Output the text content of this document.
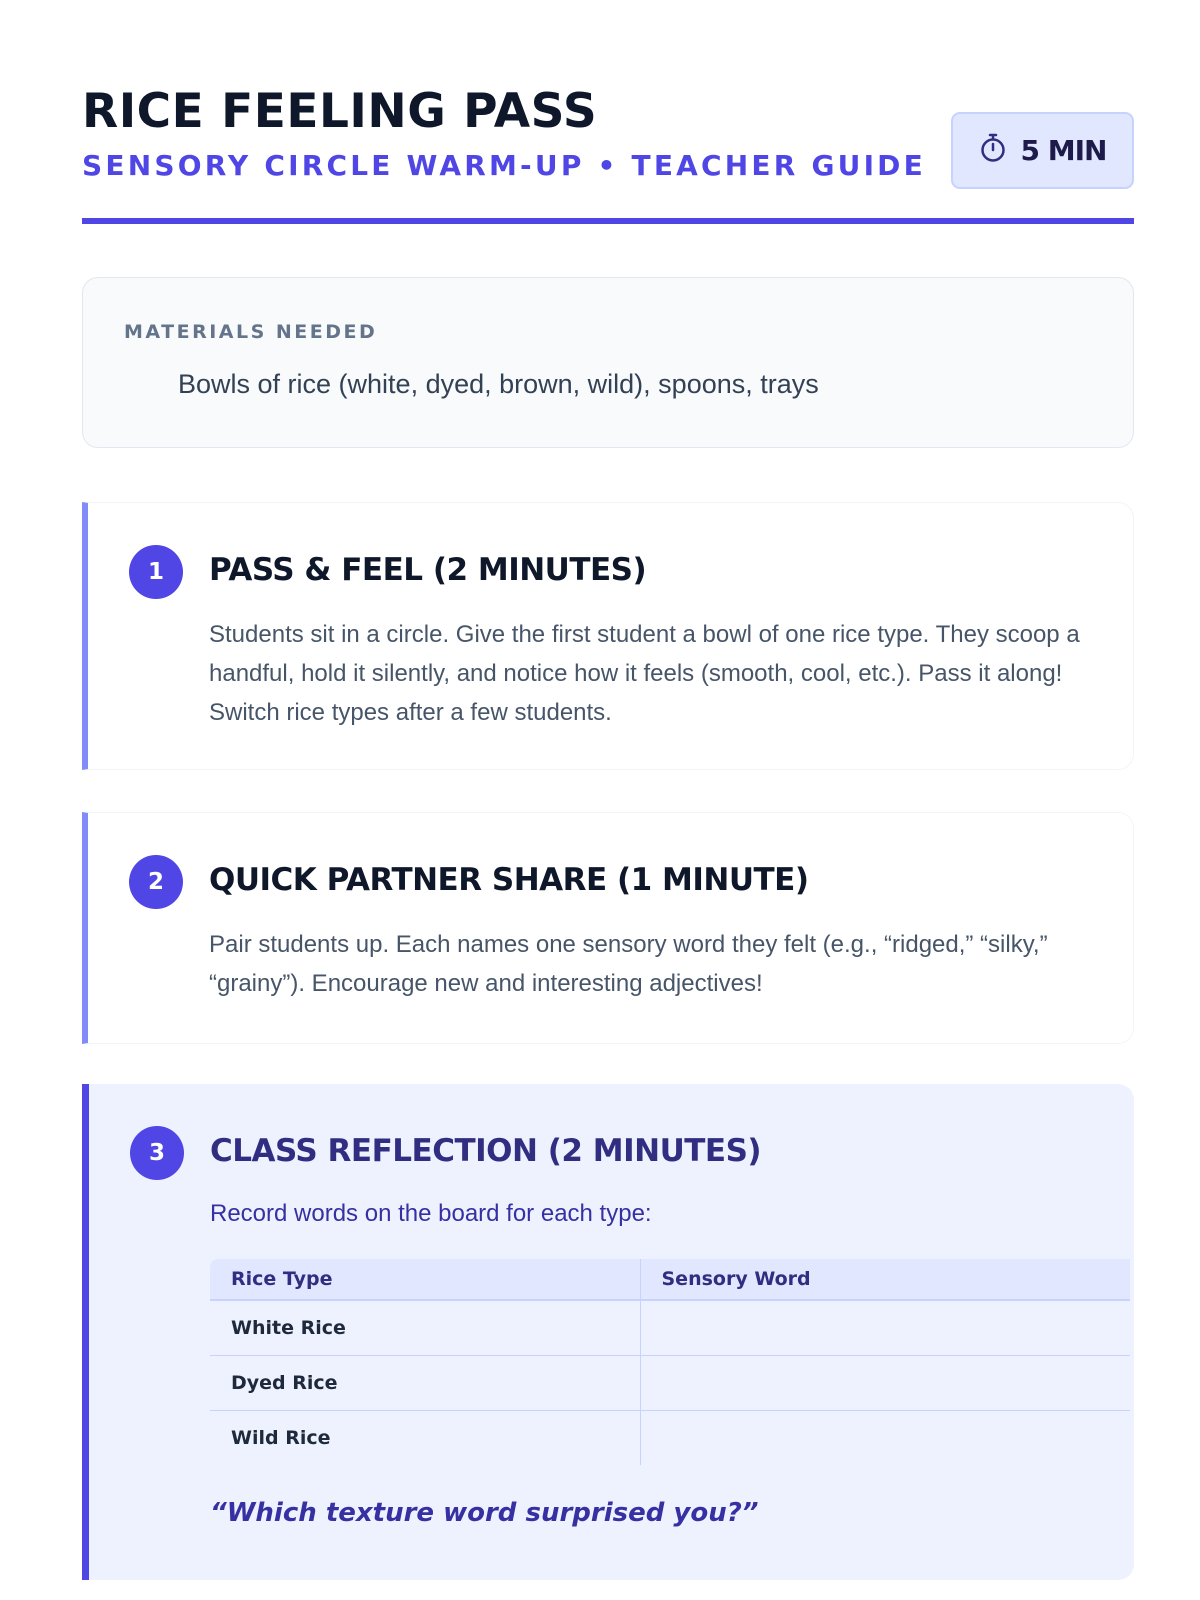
RICE FEELING PASS
SENSORY CIRCLE WARM-UP • TEACHER GUIDE	5 MIN
MATERIALS NEEDED
Bowls of rice (white, dyed, brown, wild), spoons, trays
1	PASS & FEEL (2 MINUTES)

Students sit in a circle. Give the first student a bowl of one rice type. They scoop a handful, hold it silently, and notice how it feels (smooth, cool, etc.). Pass it along! Switch rice types after a few students.

2	QUICK PARTNER SHARE (1 MINUTE)

Pair students up. Each names one sensory word they felt (e.g., “ridged,” “silky,” “grainy”). Encourage new and interesting adjectives!

3	CLASS REFLECTION (2 MINUTES)

Record words on the board for each type:

Rice Type	Sensory Word
White Rice	
Dyed Rice	
Wild Rice	

“Which texture word surprised you?”
